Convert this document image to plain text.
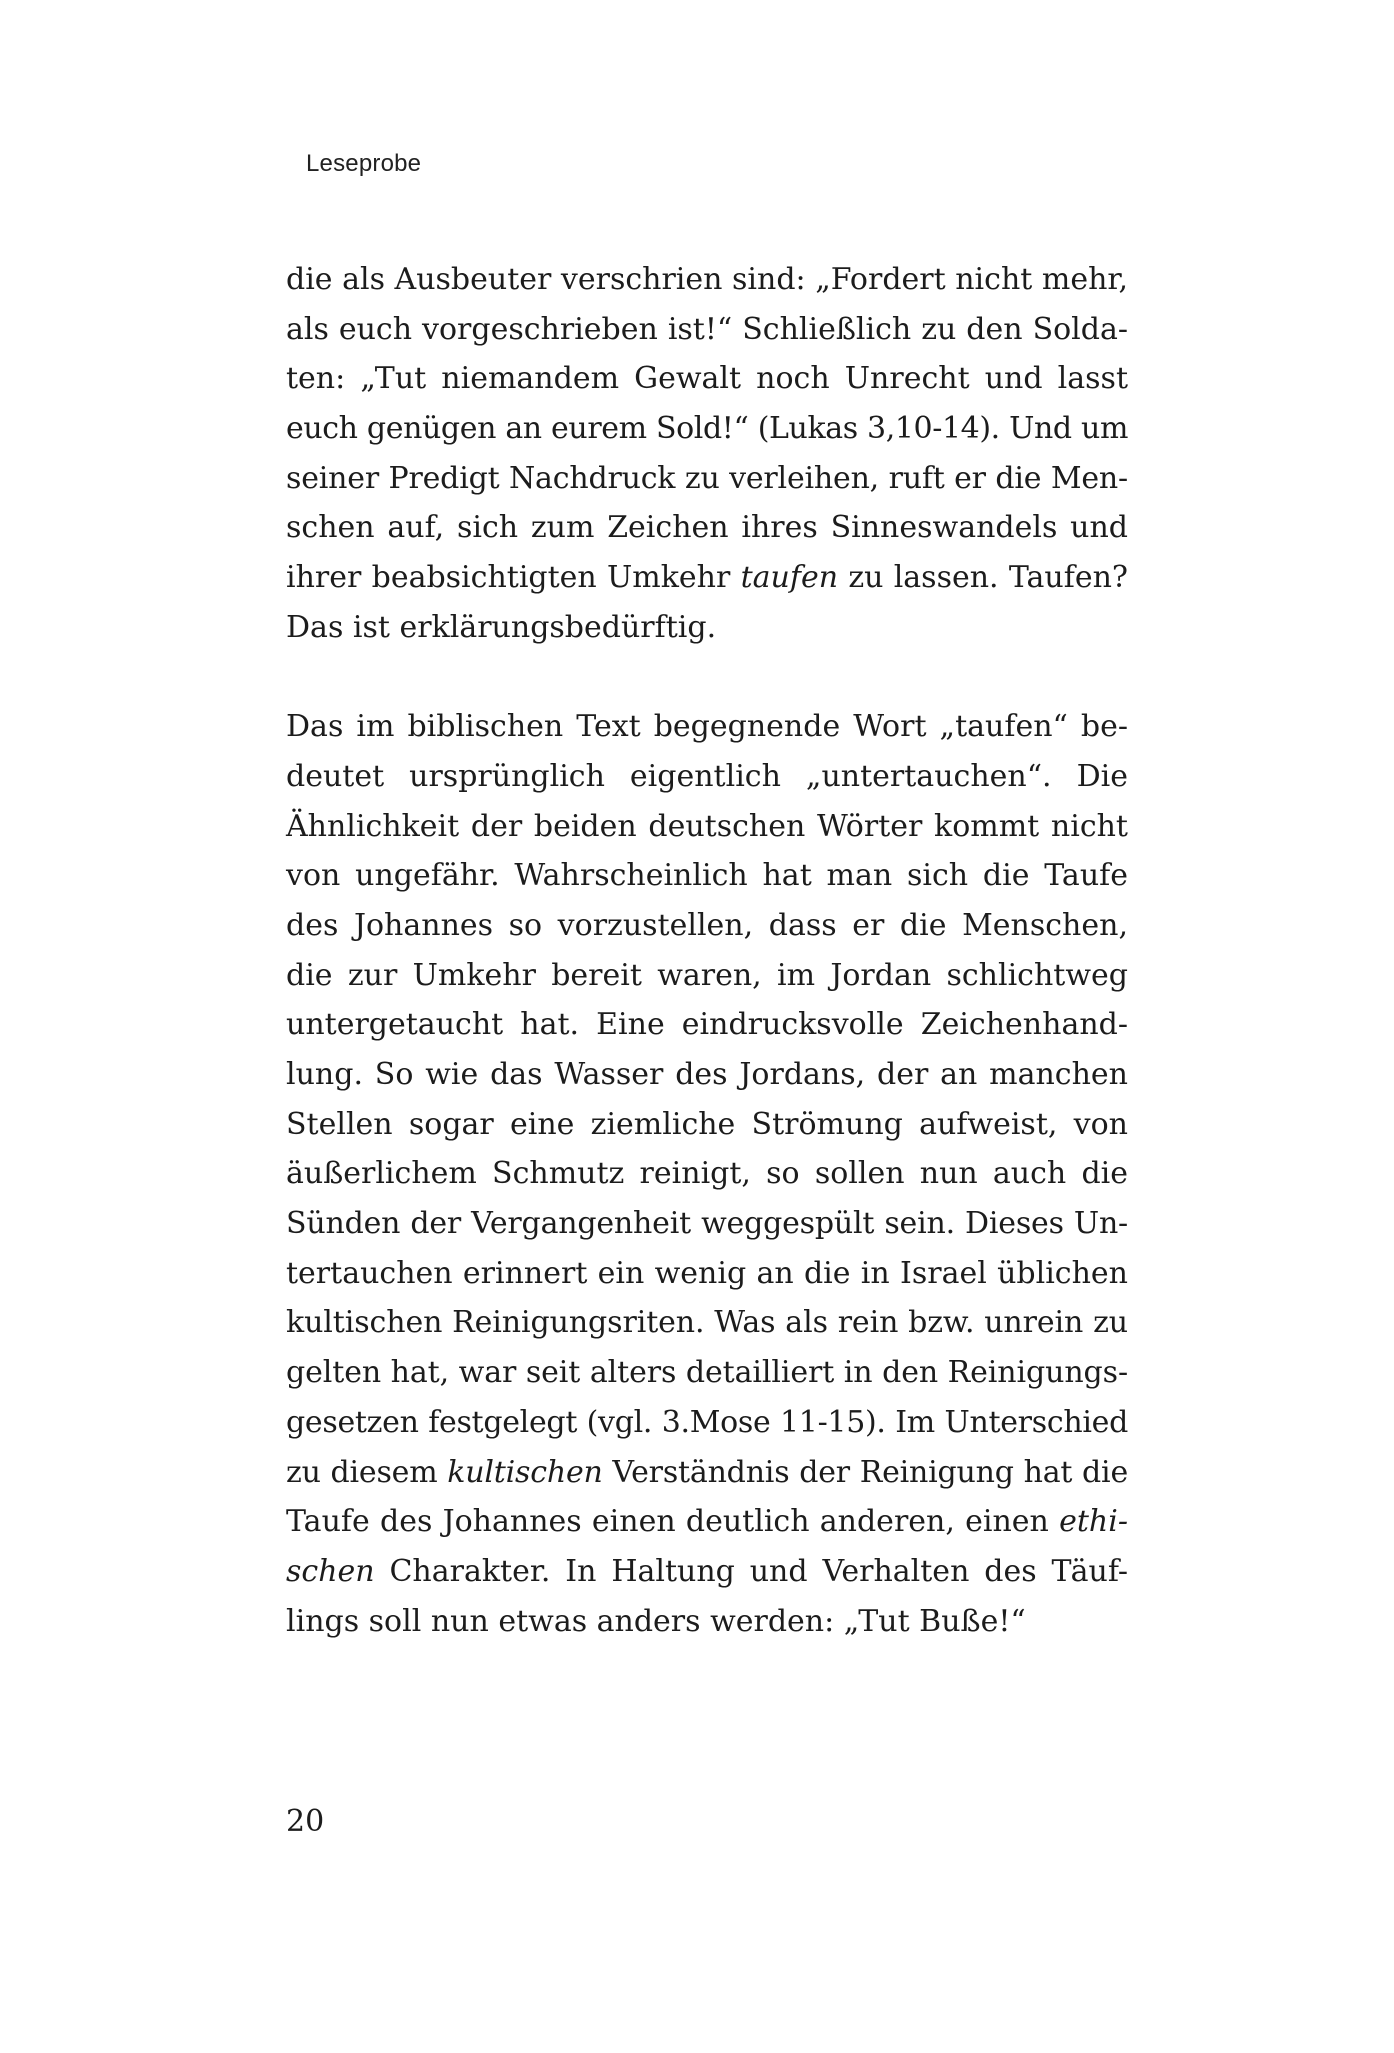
Leseprobe

die als Ausbeuter verschrien sind: „Fordert nicht mehr,
als euch vorgeschrieben ist!“ Schließlich zu den Solda-
ten: „Tut niemandem Gewalt noch Unrecht und lasst
euch genügen an eurem Sold!“ (Lukas 3,10-14). Und um
seiner Predigt Nachdruck zu verleihen, ruft er die Men-
schen auf, sich zum Zeichen ihres Sinneswandels und
ihrer beabsichtigten Umkehr taufen zu lassen. Taufen?
Das ist erklärungsbedürftig.

Das im biblischen Text begegnende Wort „taufen“ be-
deutet ursprünglich eigentlich „untertauchen“. Die
Ähnlichkeit der beiden deutschen Wörter kommt nicht
von ungefähr. Wahrscheinlich hat man sich die Taufe
des Johannes so vorzustellen, dass er die Menschen,
die zur Umkehr bereit waren, im Jordan schlichtweg
untergetaucht hat. Eine eindrucksvolle Zeichenhand-
lung. So wie das Wasser des Jordans, der an manchen
Stellen sogar eine ziemliche Strömung aufweist, von
äußerlichem Schmutz reinigt, so sollen nun auch die
Sünden der Vergangenheit weggespült sein. Dieses Un-
tertauchen erinnert ein wenig an die in Israel üblichen
kultischen Reinigungsriten. Was als rein bzw. unrein zu
gelten hat, war seit alters detailliert in den Reinigungs-
gesetzen festgelegt (vgl. 3.Mose 11-15). Im Unterschied
zu diesem kultischen Verständnis der Reinigung hat die
Taufe des Johannes einen deutlich anderen, einen ethi-
schen Charakter. In Haltung und Verhalten des Täuf-
lings soll nun etwas anders werden: „Tut Buße!“

20
